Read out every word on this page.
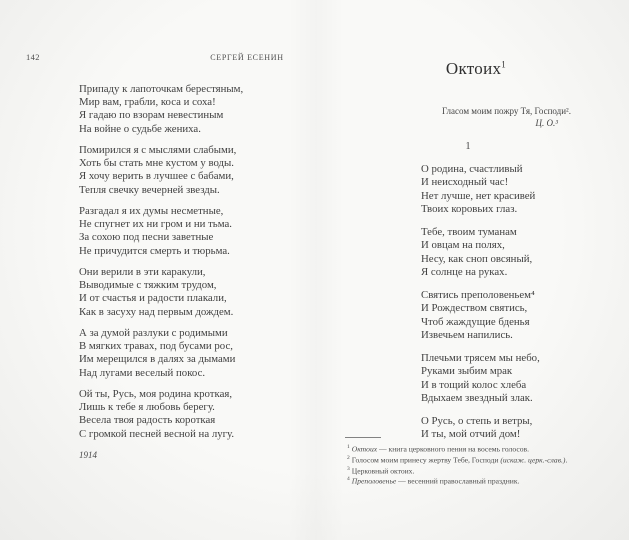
142	СЕРГЕЙ ЕСЕНИН
Припаду к лапоточкам берестяным,
Мир вам, грабли, коса и соха!
Я гадаю по взорам невестиным
На войне о судьбе жениха.
Помирился я с мыслями слабыми,
Хоть бы стать мне кустом у воды.
Я хочу верить в лучшее с бабами,
Тепля свечку вечерней звезды.
Разгадал я их думы несметные,
Не спугнет их ни гром и ни тьма.
За сохою под песни заветные
Не причудится смерть и тюрьма.
Они верили в эти каракули,
Выводимые с тяжким трудом,
И от счастья и радости плакали,
Как в засуху над первым дождем.
А за думой разлуки с родимыми
В мягких травах, под бусами рос,
Им мерещился в далях за дымами
Над лугами веселый покос.
Ой ты, Русь, моя родина кроткая,
Лишь к тебе я любовь берегу.
Весела твоя радость короткая
С громкой песней весной на лугу.
1914
Октоих$^1$
Гласом моим пожру Тя, Господи².
Ц. О.³
1
О родина, счастливый
И неисходный час!
Нет лучше, нет красивей
Твоих коровьих глаз.
Тебе, твоим туманам
И овцам на полях,
Несу, как сноп овсяный,
Я солнце на руках.
Святись преполовеньем⁴
И Рождеством святись,
Чтоб жаждущие бденья
Извечьем напились.
Плечьми трясем мы небо,
Руками зыбим мрак
И в тощий колос хлеба
Вдыхаем звездный злак.
О Русь, о степь и ветры,
И ты, мой отчий дом!
$^1$ Октоих — книга церковного пения на восемь голосов.
$^2$ Голосом моим принесу жертву Тебе, Господи (искаж. церк.-слав.).
$^3$ Церковный октоих.
$^4$ Преполовенье — весенний православный праздник.
